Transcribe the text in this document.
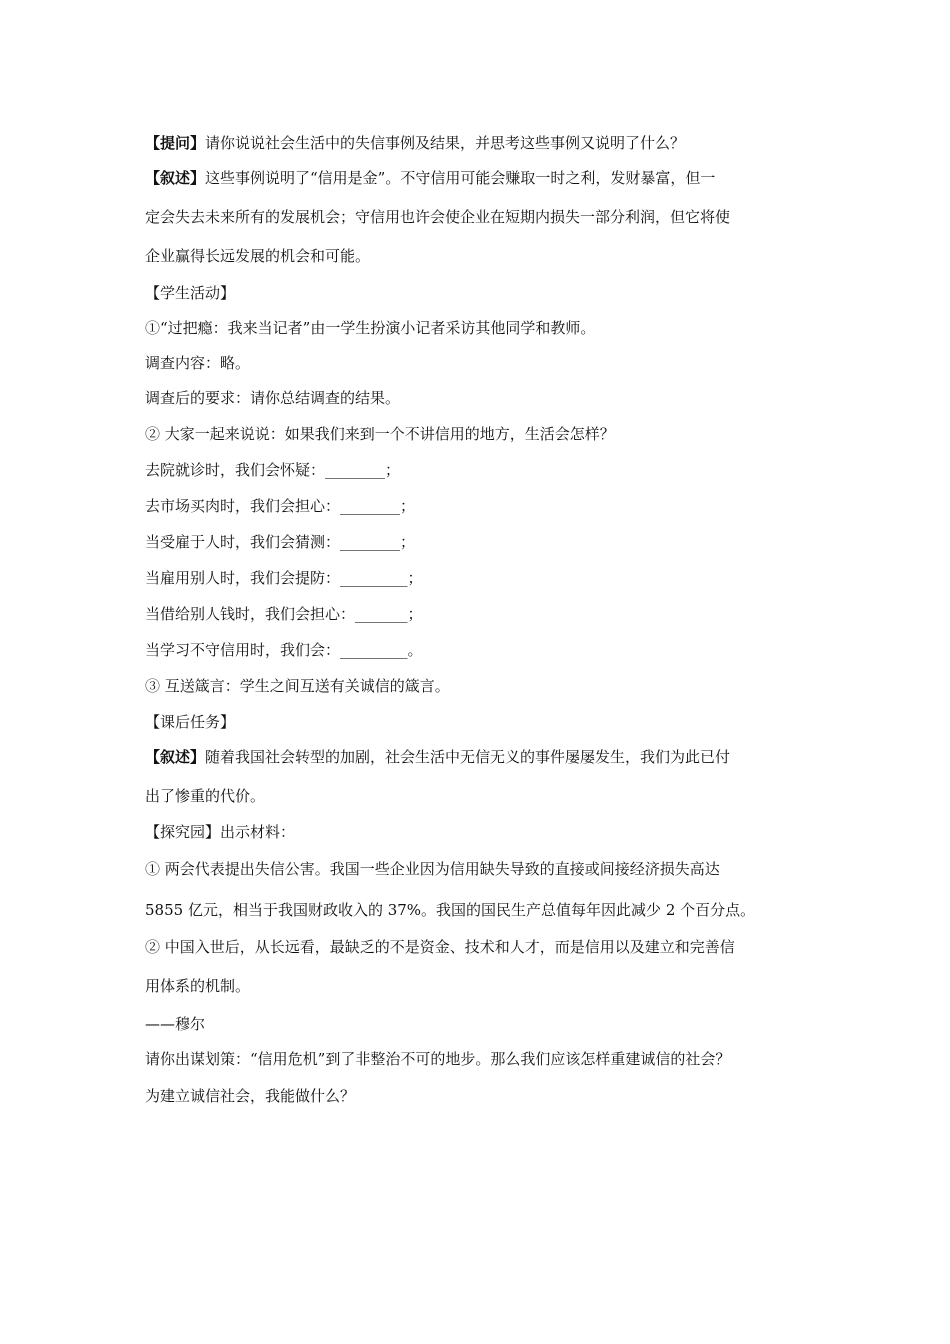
【提问】请你说说社会生活中的失信事例及结果，并思考这些事例又说明了什么？
【叙述】这些事例说明了“信用是金”。不守信用可能会赚取一时之利，发财暴富，但一
定会失去未来所有的发展机会；守信用也许会使企业在短期内损失一部分利润，但它将使
企业赢得长远发展的机会和可能。
【学生活动】
①“过把瘾：我来当记者”由一学生扮演小记者采访其他同学和教师。
调查内容：略。
调查后的要求：请你总结调查的结果。
② 大家一起来说说：如果我们来到一个不讲信用的地方，生活会怎样？
去院就诊时，我们会怀疑：________；
去市场买肉时，我们会担心：________；
当受雇于人时，我们会猜测：________；
当雇用别人时，我们会提防：_________；
当借给别人钱时，我们会担心：_______；
当学习不守信用时，我们会：_________。
③ 互送箴言：学生之间互送有关诚信的箴言。
【课后任务】
【叙述】随着我国社会转型的加剧，社会生活中无信无义的事件屡屡发生，我们为此已付
出了惨重的代价。
【探究园】出示材料：
① 两会代表提出失信公害。我国一些企业因为信用缺失导致的直接或间接经济损失高达
5855 亿元，相当于我国财政收入的 37%。我国的国民生产总值每年因此减少 2 个百分点。
② 中国入世后，从长远看，最缺乏的不是资金、技术和人才，而是信用以及建立和完善信
用体系的机制。
——穆尔
请你出谋划策：“信用危机”到了非整治不可的地步。那么我们应该怎样重建诚信的社会？
为建立诚信社会，我能做什么？
